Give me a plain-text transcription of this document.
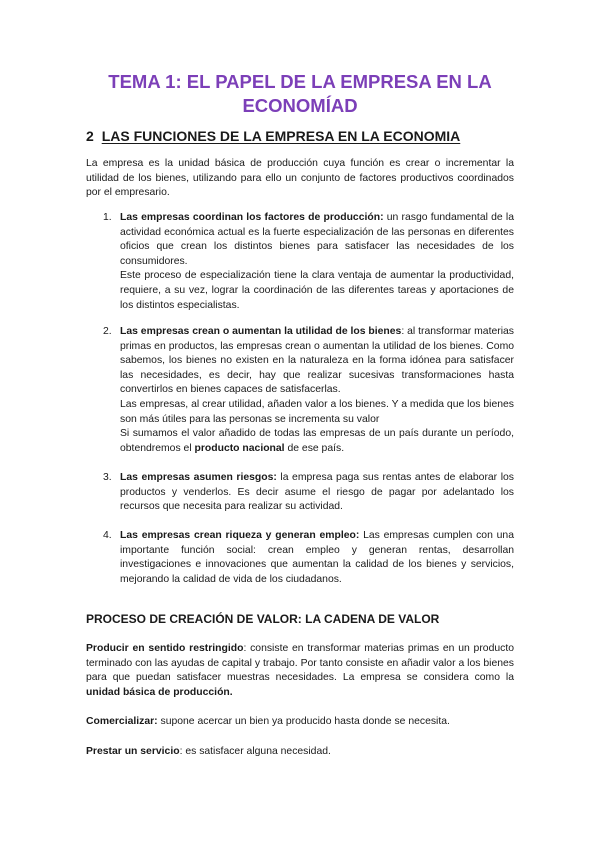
TEMA 1: EL PAPEL DE LA EMPRESA EN LA
ECONOMÍAD
2 LAS FUNCIONES DE LA EMPRESA EN LA ECONOMIA
La empresa es la unidad básica de producción cuya función es crear o incrementar la utilidad de los bienes, utilizando para ello un conjunto de factores productivos coordinados por el empresario.
1. Las empresas coordinan los factores de producción: un rasgo fundamental de la actividad económica actual es la fuerte especialización de las personas en diferentes oficios que crean los distintos bienes para satisfacer las necesidades de los consumidores.
Este proceso de especialización tiene la clara ventaja de aumentar la productividad, requiere, a su vez, lograr la coordinación de las diferentes tareas y aportaciones de los distintos especialistas.
2. Las empresas crean o aumentan la utilidad de los bienes: al transformar materias primas en productos, las empresas crean o aumentan la utilidad de los bienes. Como sabemos, los bienes no existen en la naturaleza en la forma idónea para satisfacer las necesidades, es decir, hay que realizar sucesivas transformaciones hasta convertirlos en bienes capaces de satisfacerlas.
Las empresas, al crear utilidad, añaden valor a los bienes. Y a medida que los bienes son más útiles para las personas se incrementa su valor
Si sumamos el valor añadido de todas las empresas de un país durante un período, obtendremos el producto nacional de ese país.
3. Las empresas asumen riesgos: la empresa paga sus rentas antes de elaborar los productos y venderlos. Es decir asume el riesgo de pagar por adelantado los recursos que necesita para realizar su actividad.
4. Las empresas crean riqueza y generan empleo: Las empresas cumplen con una importante función social: crean empleo y generan rentas, desarrollan investigaciones e innovaciones que aumentan la calidad de los bienes y servicios, mejorando la calidad de vida de los ciudadanos.
PROCESO DE CREACIÓN DE VALOR: LA CADENA DE VALOR
Producir en sentido restringido: consiste en transformar materias primas en un producto terminado con las ayudas de capital y trabajo. Por tanto consiste en añadir valor a los bienes para que puedan satisfacer muestras necesidades. La empresa se considera como la unidad básica de producción.
Comercializar: supone acercar un bien ya producido hasta donde se necesita.
Prestar un servicio: es satisfacer alguna necesidad.
